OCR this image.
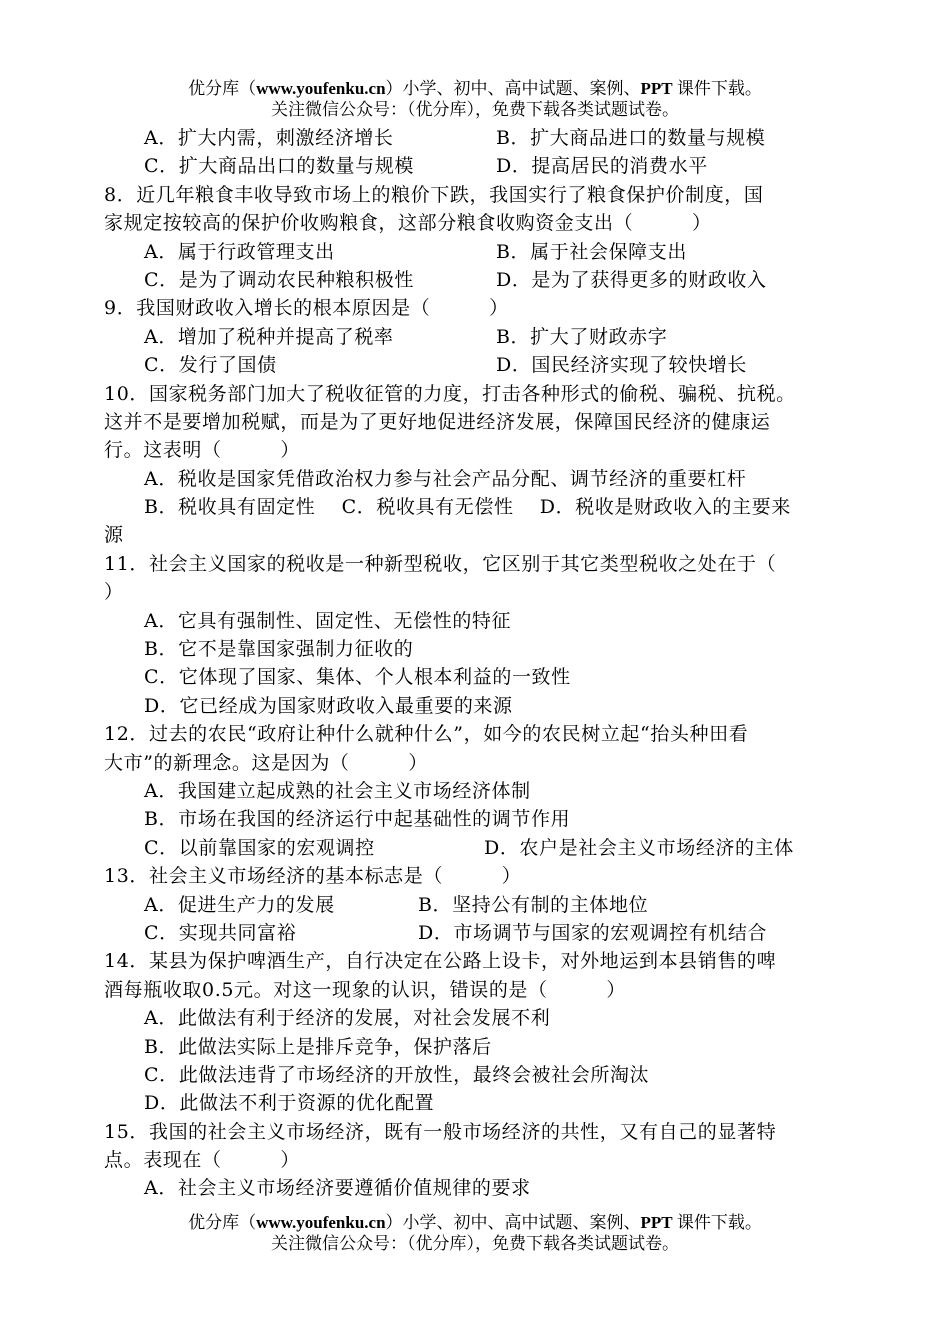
优分库（www.youfenku.cn）小学、初中、高中试题、案例、PPT 课件下载。
关注微信公众号：（优分库），免费下载各类试题试卷。
A．扩大内需，刺激经济增长	B．扩大商品进口的数量与规模
C．扩大商品出口的数量与规模	D．提高居民的消费水平
8．近几年粮食丰收导致市场上的粮价下跌，我国实行了粮食保护价制度，国
家规定按较高的保护价收购粮食，这部分粮食收购资金支出（　　　）
A．属于行政管理支出	B．属于社会保障支出
C．是为了调动农民种粮积极性	D．是为了获得更多的财政收入
9．我国财政收入增长的根本原因是（　　　）
A．增加了税种并提高了税率	B．扩大了财政赤字
C．发行了国债	D．国民经济实现了较快增长
10．国家税务部门加大了税收征管的力度，打击各种形式的偷税、骗税、抗税。
这并不是要增加税赋，而是为了更好地促进经济发展，保障国民经济的健康运
行。这表明（　　　）
A．税收是国家凭借政治权力参与社会产品分配、调节经济的重要杠杆
B．税收具有固定性　 C．税收具有无偿性　 D．税收是财政收入的主要来
源
11．社会主义国家的税收是一种新型税收，它区别于其它类型税收之处在于（
）
A．它具有强制性、固定性、无偿性的特征
B．它不是靠国家强制力征收的
C．它体现了国家、集体、个人根本利益的一致性
D．它已经成为国家财政收入最重要的来源
12．过去的农民“政府让种什么就种什么”，如今的农民树立起“抬头种田看
大市”的新理念。这是因为（　　　）
A．我国建立起成熟的社会主义市场经济体制
B．市场在我国的经济运行中起基础性的调节作用
C．以前靠国家的宏观调控	D．农户是社会主义市场经济的主体
13．社会主义市场经济的基本标志是（　　　）
A．促进生产力的发展	B．坚持公有制的主体地位
C．实现共同富裕	D．市场调节与国家的宏观调控有机结合
14．某县为保护啤酒生产，自行决定在公路上设卡，对外地运到本县销售的啤
酒每瓶收取0.5元。对这一现象的认识，错误的是（　　　）
A．此做法有利于经济的发展，对社会发展不利
B．此做法实际上是排斥竞争，保护落后
C．此做法违背了市场经济的开放性，最终会被社会所淘汰
D．此做法不利于资源的优化配置
15．我国的社会主义市场经济，既有一般市场经济的共性，又有自己的显著特
点。表现在（　　　）
A．社会主义市场经济要遵循价值规律的要求
优分库（www.youfenku.cn）小学、初中、高中试题、案例、PPT 课件下载。
关注微信公众号：（优分库），免费下载各类试题试卷。
